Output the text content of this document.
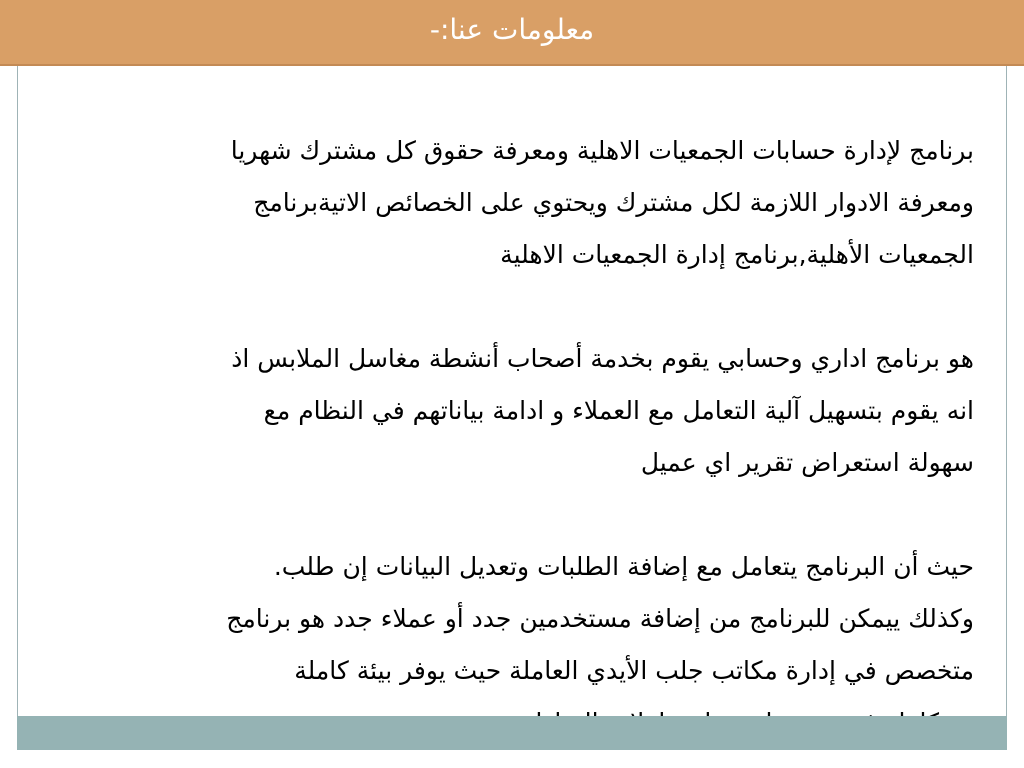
معلومات عنا:-
برنامج لإدارة حسابات الجمعيات الاهلية ومعرفة حقوق كل مشترك شهريا
ومعرفة الادوار اللازمة لكل مشترك ويحتوي على الخصائص الاتيةبرنامج
الجمعيات الأهلية,برنامج إدارة الجمعيات الاهلية
هو برنامج اداري وحسابي يقوم بخدمة أصحاب أنشطة مغاسل الملابس اذ
انه يقوم بتسهيل آلية التعامل مع العملاء و ادامة بياناتهم في النظام مع
سهولة استعراض تقرير اي عميل
حيث أن البرنامج يتعامل مع إضافة الطلبات وتعديل البيانات إن طلب.
وكذلك ييمكن للبرنامج من إضافة مستخدمين جدد أو عملاء جدد هو برنامج
متخصص في إدارة مكاتب جلب الأيدي العاملة حيث يوفر بيئة كاملة
